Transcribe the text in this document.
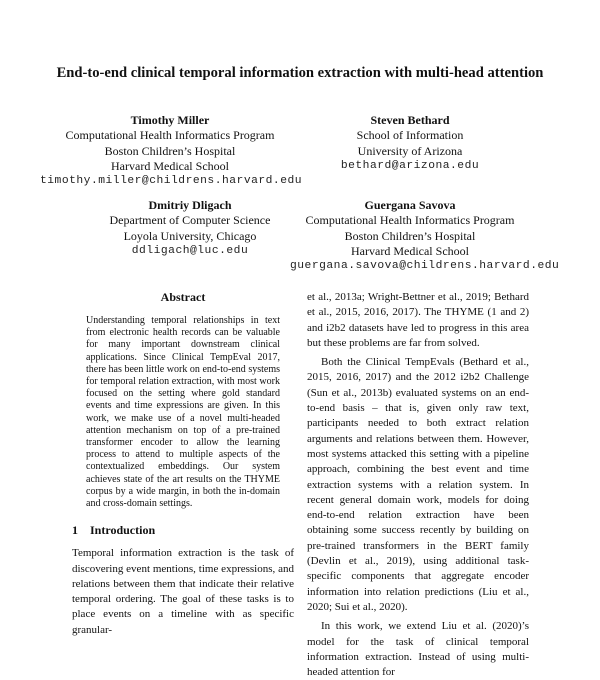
End-to-end clinical temporal information extraction with multi-head attention
Timothy Miller
Computational Health Informatics Program
Boston Children’s Hospital
Harvard Medical School
timothy.miller@childrens.harvard.edu
Steven Bethard
School of Information
University of Arizona
bethard@arizona.edu
Dmitriy Dligach
Department of Computer Science
Loyola University, Chicago
ddligach@luc.edu
Guergana Savova
Computational Health Informatics Program
Boston Children’s Hospital
Harvard Medical School
guergana.savova@childrens.harvard.edu
Abstract

Understanding temporal relationships in text from electronic health records can be valuable for many important downstream clinical applications. Since Clinical TempEval 2017, there has been little work on end-to-end systems for temporal relation extraction, with most work focused on the setting where gold standard events and time expressions are given. In this work, we make use of a novel multi-headed attention mechanism on top of a pre-trained transformer encoder to allow the learning process to attend to multiple aspects of the contextualized embeddings. Our system achieves state of the art results on the THYME corpus by a wide margin, in both the in-domain and cross-domain settings.

1 Introduction

Temporal information extraction is the task of discovering event mentions, time expressions, and relations between them that indicate their relative temporal ordering. The goal of these tasks is to place events on a timeline with as specific granular-

et al., 2013a; Wright-Bettner et al., 2019; Bethard et al., 2015, 2016, 2017). The THYME (1 and 2) and i2b2 datasets have led to progress in this area but these problems are far from solved.

Both the Clinical TempEvals (Bethard et al., 2015, 2016, 2017) and the 2012 i2b2 Challenge (Sun et al., 2013b) evaluated systems on an end-to-end basis – that is, given only raw text, participants needed to both extract relation arguments and relations between them. However, most systems attacked this setting with a pipeline approach, combining the best event and time extraction systems with a relation system. In recent general domain work, models for doing end-to-end relation extraction have been obtaining some success recently by building on pre-trained transformers in the BERT family (Devlin et al., 2019), using additional task-specific components that aggregate encoder information into relation predictions (Liu et al., 2020; Sui et al., 2020).

In this work, we extend Liu et al. (2020)’s model for the task of clinical temporal information extraction. Instead of using multi-headed attention for
